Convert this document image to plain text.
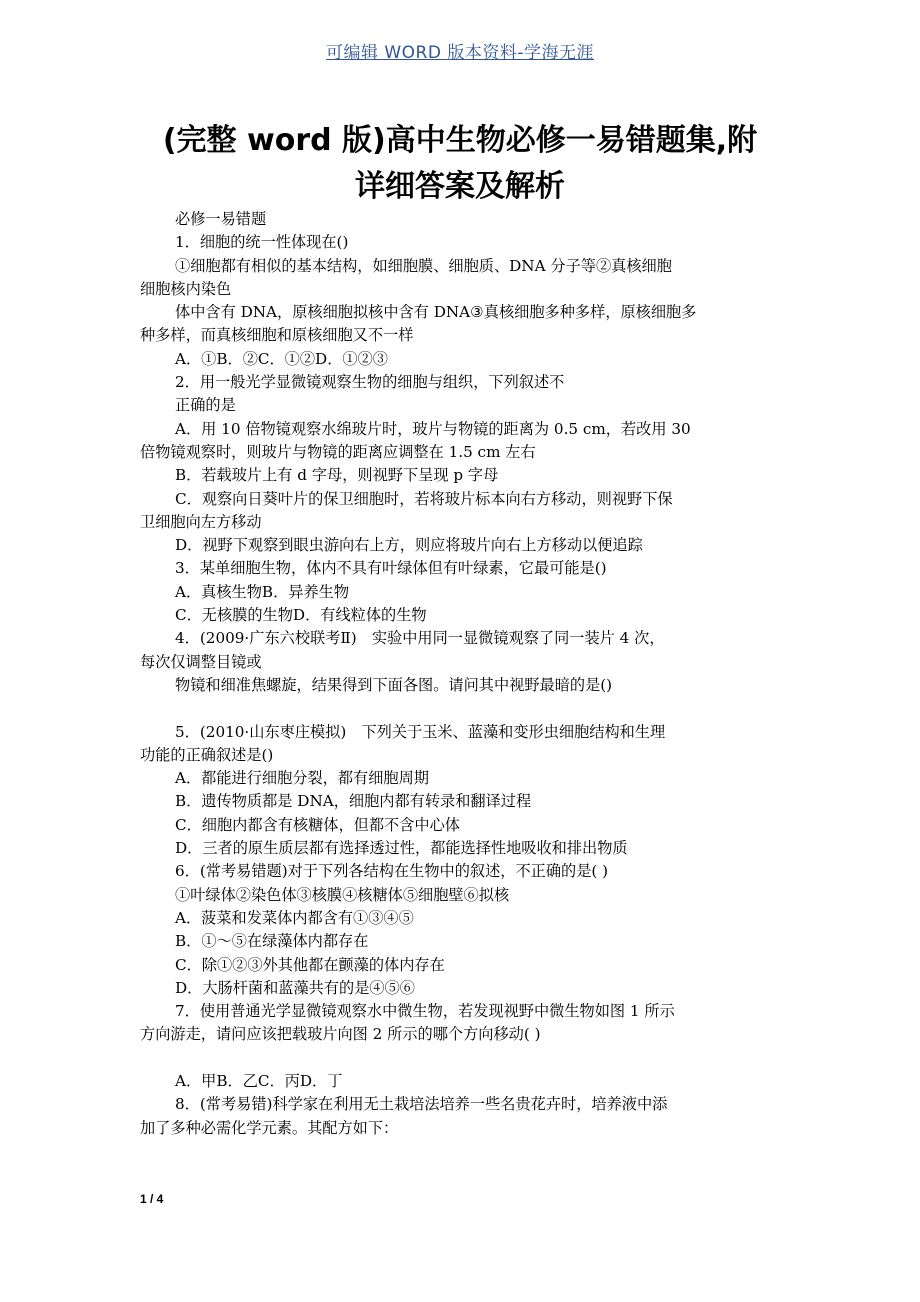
可编辑 WORD 版本资料-学海无涯
(完整 word 版)高中生物必修一易错题集,附
详细答案及解析

必修一易错题

1．细胞的统一性体现在()

①细胞都有相似的基本结构，如细胞膜、细胞质、DNA 分子等②真核细胞

细胞核内染色

体中含有 DNA，原核细胞拟核中含有 DNA③真核细胞多种多样，原核细胞多

种多样，而真核细胞和原核细胞又不一样

A．①B．②C．①②D．①②③

2．用一般光学显微镜观察生物的细胞与组织，下列叙述不

正确的是

A．用 10 倍物镜观察水绵玻片时，玻片与物镜的距离为 0.5 cm，若改用 30

倍物镜观察时，则玻片与物镜的距离应调整在 1.5 cm 左右

B．若载玻片上有 d 字母，则视野下呈现 p 字母

C．观察向日葵叶片的保卫细胞时，若将玻片标本向右方移动，则视野下保

卫细胞向左方移动

D．视野下观察到眼虫游向右上方，则应将玻片向右上方移动以便追踪

3．某单细胞生物，体内不具有叶绿体但有叶绿素，它最可能是()

A．真核生物B．异养生物

C．无核膜的生物D．有线粒体的生物

4．(2009·广东六校联考Ⅱ)　实验中用同一显微镜观察了同一装片 4 次，

每次仅调整目镜或

物镜和细准焦螺旋，结果得到下面各图。请问其中视野最暗的是()

5．(2010·山东枣庄模拟)　下列关于玉米、蓝藻和变形虫细胞结构和生理

功能的正确叙述是()

A．都能进行细胞分裂，都有细胞周期

B．遗传物质都是 DNA，细胞内都有转录和翻译过程

C．细胞内都含有核糖体，但都不含中心体

D．三者的原生质层都有选择透过性，都能选择性地吸收和排出物质

6．(常考易错题)对于下列各结构在生物中的叙述，不正确的是( )

①叶绿体②染色体③核膜④核糖体⑤细胞壁⑥拟核

A．菠菜和发菜体内都含有①③④⑤

B．①～⑤在绿藻体内都存在

C．除①②③外其他都在颤藻的体内存在

D．大肠杆菌和蓝藻共有的是④⑤⑥

7．使用普通光学显微镜观察水中微生物，若发现视野中微生物如图 1 所示

方向游走，请问应该把载玻片向图 2 所示的哪个方向移动( )

A．甲B．乙C．丙D．丁

8．(常考易错)科学家在利用无土栽培法培养一些名贵花卉时，培养液中添

加了多种必需化学元素。其配方如下：

1 / 4
